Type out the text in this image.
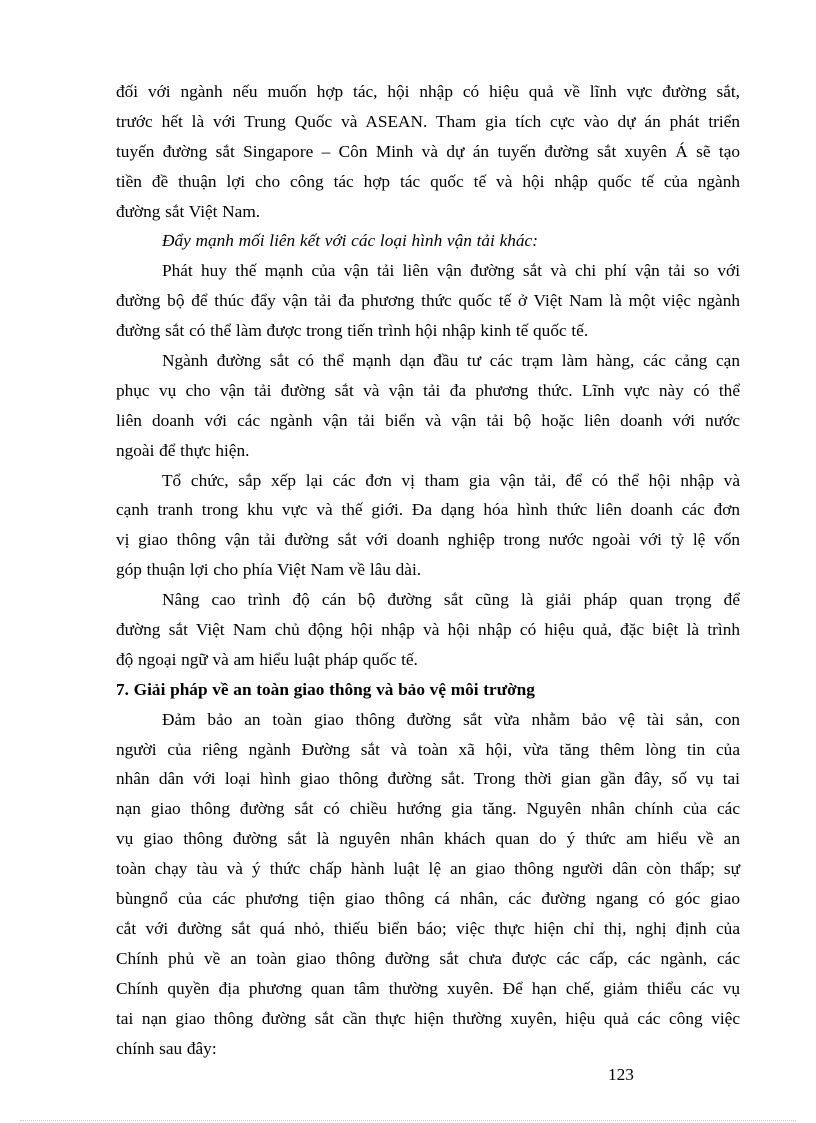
đối với ngành nếu muốn hợp tác, hội nhập có hiệu quả về lĩnh vực đường sắt,
trước hết là với Trung Quốc và ASEAN. Tham gia tích cực vào dự án phát triển
tuyến đường sắt Singapore – Côn Minh và dự án tuyến đường sắt xuyên Á sẽ tạo
tiền đề thuận lợi cho công tác hợp tác quốc tế và hội nhập quốc tế của ngành
đường sắt Việt Nam.
Đẩy mạnh mối liên kết với các loại hình vận tải khác:
Phát huy thế mạnh của vận tải liên vận đường sắt và chi phí vận tải so với
đường bộ để thúc đẩy vận tải đa phương thức quốc tế ở Việt Nam là một việc ngành
đường sắt có thể làm được trong tiến trình hội nhập kinh tế quốc tế.
Ngành đường sắt có thể mạnh dạn đầu tư các trạm làm hàng, các cảng cạn
phục vụ cho vận tải đường sắt và vận tải đa phương thức. Lĩnh vực này có thể
liên doanh với các ngành vận tải biển và vận tải bộ hoặc liên doanh với nước
ngoài để thực hiện.
Tổ chức, sắp xếp lại các đơn vị tham gia vận tải, để có thể hội nhập và
cạnh tranh trong khu vực và thế giới. Đa dạng hóa hình thức liên doanh các đơn
vị giao thông vận tải đường sắt với doanh nghiệp trong nước ngoài với tỷ lệ vốn
góp thuận lợi cho phía Việt Nam về lâu dài.
Nâng cao trình độ cán bộ đường sắt cũng là giải pháp quan trọng để
đường sắt Việt Nam chủ động hội nhập và hội nhập có hiệu quả, đặc biệt là trình
độ ngoại ngữ và am hiểu luật pháp quốc tế.
7. Giải pháp về an toàn giao thông và bảo vệ môi trường
Đảm bảo an toàn giao thông đường sắt vừa nhằm bảo vệ tài sản, con
người của riêng ngành Đường sắt và toàn xã hội, vừa tăng thêm lòng tin của
nhân dân với loại hình giao thông đường sắt. Trong thời gian gần đây, số vụ tai
nạn giao thông đường sắt có chiều hướng gia tăng. Nguyên nhân chính của các
vụ giao thông đường sắt là nguyên nhân khách quan do ý thức am hiểu về an
toàn chạy tàu và ý thức chấp hành luật lệ an giao thông người dân còn thấp; sự
bùngnổ của các phương tiện giao thông cá nhân, các đường ngang có góc giao
cắt với đường sắt quá nhỏ, thiếu biển báo; việc thực hiện chỉ thị, nghị định của
Chính phủ về an toàn giao thông đường sắt chưa được các cấp, các ngành, các
Chính quyền địa phương quan tâm thường xuyên. Để hạn chế, giảm thiểu các vụ
tai nạn giao thông đường sắt cần thực hiện thường xuyên, hiệu quả các công việc
chính sau đây:
123
